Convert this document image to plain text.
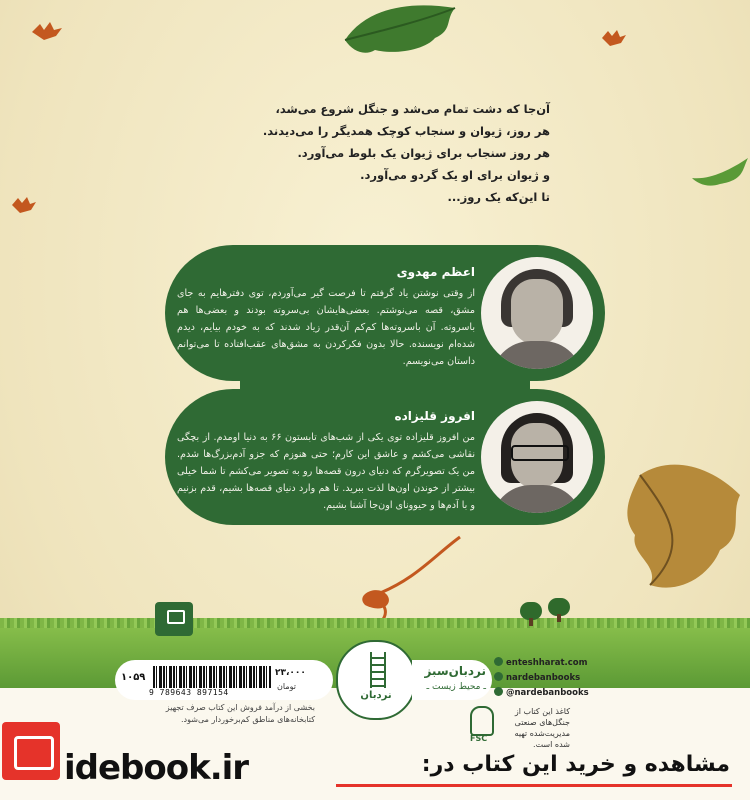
آن‌جا که دشت تمام می‌شد و جنگل شروع می‌شد،
هر روز، ژیوان و سنجاب کوچک همدیگر را می‌دیدند.
هر روز سنجاب برای ژیوان یک بلوط می‌آورد.
و ژیوان برای او یک گردو می‌آورد.
تا این‌که یک روز...
اعظم مهدوی
از وقتی نوشتن یاد گرفتم تا فرصت گیر می‌آوردم، توی دفترهایم به جای مشق، قصه می‌نوشتم. بعضی‌هایشان بی‌سروته بودند و بعضی‌ها هم باسروته. آن باسروته‌ها کم‌کم آن‌قدر زیاد شدند که به خودم بیایم، دیدم شده‌ام نویسنده. حالا بدون فکرکردن به مشق‌های عقب‌افتاده تا می‌توانم داستان می‌نویسم.
افروز قلیزاده
من افروز قلیزاده توی یکی از شب‌های تابستون ۶۶ به دنیا اومدم. از بچگی نقاشی می‌کشم و عاشق این کارم؛ حتی هنوزم که جزو آدم‌بزرگ‌ها شدم. من یک تصویرگرم که دنیای درون قصه‌ها رو به تصویر می‌کشم تا شما خیلی بیشتر از خوندن اون‌ها لذت ببرید. تا هم وارد دنیای قصه‌ها بشیم، قدم بزنیم و با آدم‌ها و حیوونای اون‌جا آشنا بشیم.
۱۰۵۹
9 789643 897154
۲۳،۰۰۰
تومان
نردبان
نردبان‌سبز
ـ محیط زیست ـ
enteshharat.com
nardebanbooks
@nardebanbooks
FSC
کاغذ این کتاب از جنگل‌های صنعتی مدیریت‌شده تهیه شده است.
بخشی از درآمد فروش این کتاب صرف تجهیز کتابخانه‌های مناطق کم‌برخوردار می‌شود.
idebook.ir	مشاهده و خرید این کتاب در:
